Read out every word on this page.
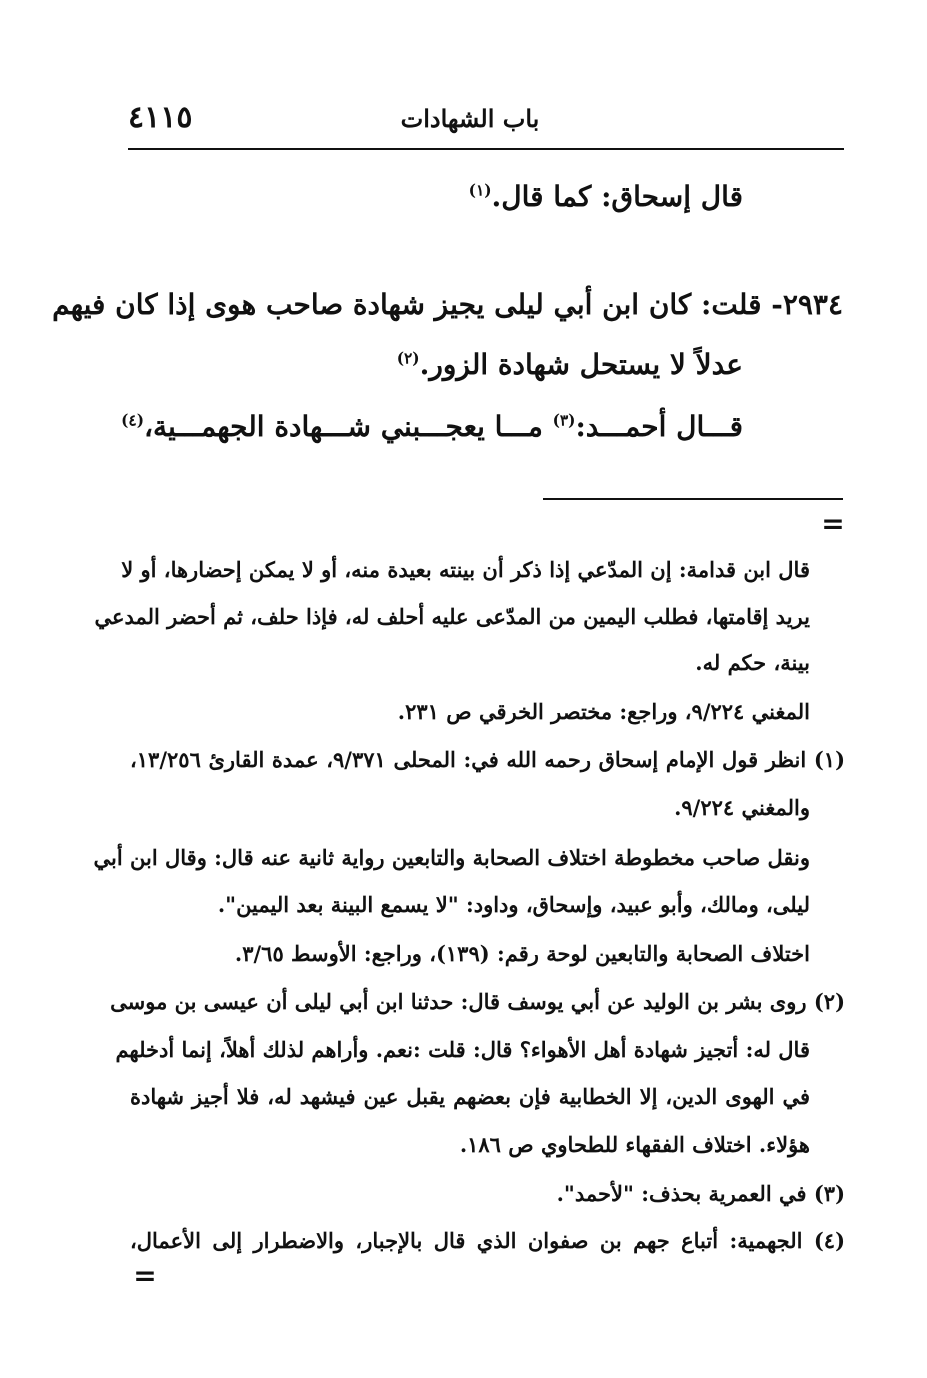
٤١١٥	باب الشهادات
قال إسحاق: كما قال.$^{(١)}$
٢٩٣٤- قلت: كان ابن أبي ليلى يجيز شهادة صاحب هوى إذا كان فيهم
عدلاً لا يستحل شهادة الزور.$^{(٢)}$
قـــال أحمـــد:$^{(٣)}$ مـــا يعجـــبني شـــهادة الجهمـــية،$^{(٤)}$
=
قال ابن قدامة: إن المدّعي إذا ذكر أن بينته بعيدة منه، أو لا يمكن إحضارها، أو لا
يريد إقامتها، فطلب اليمين من المدّعى عليه أحلف له، فإذا حلف، ثم أحضر المدعي
بينة، حكم له.
المغني ٩/٢٢٤، وراجع: مختصر الخرقي ص ٢٣١.
(١) انظر قول الإمام إسحاق رحمه الله في: المحلى ٩/٣٧١، عمدة القارئ ١٣/٢٥٦،
والمغني ٩/٢٢٤.
ونقل صاحب مخطوطة اختلاف الصحابة والتابعين رواية ثانية عنه قال: وقال ابن أبي
ليلى، ومالك، وأبو عبيد، وإسحاق، وداود: "لا يسمع البينة بعد اليمين".
اختلاف الصحابة والتابعين لوحة رقم: (١٣٩)، وراجع: الأوسط ٣/٦٥.
(٢) روى بشر بن الوليد عن أبي يوسف قال: حدثنا ابن أبي ليلى أن عيسى بن موسى
قال له: أتجيز شهادة أهل الأهواء؟ قال: قلت :نعم. وأراهم لذلك أهلاً، إنما أدخلهم
في الهوى الدين، إلا الخطابية فإن بعضهم يقبل عين فيشهد له، فلا أجيز شهادة
هؤلاء. اختلاف الفقهاء للطحاوي ص ١٨٦.
(٣) في العمرية بحذف: "لأحمد".
(٤) الجهمية: أتباع جهم بن صفوان الذي قال بالإجبار، والاضطرار إلى الأعمال،
=
